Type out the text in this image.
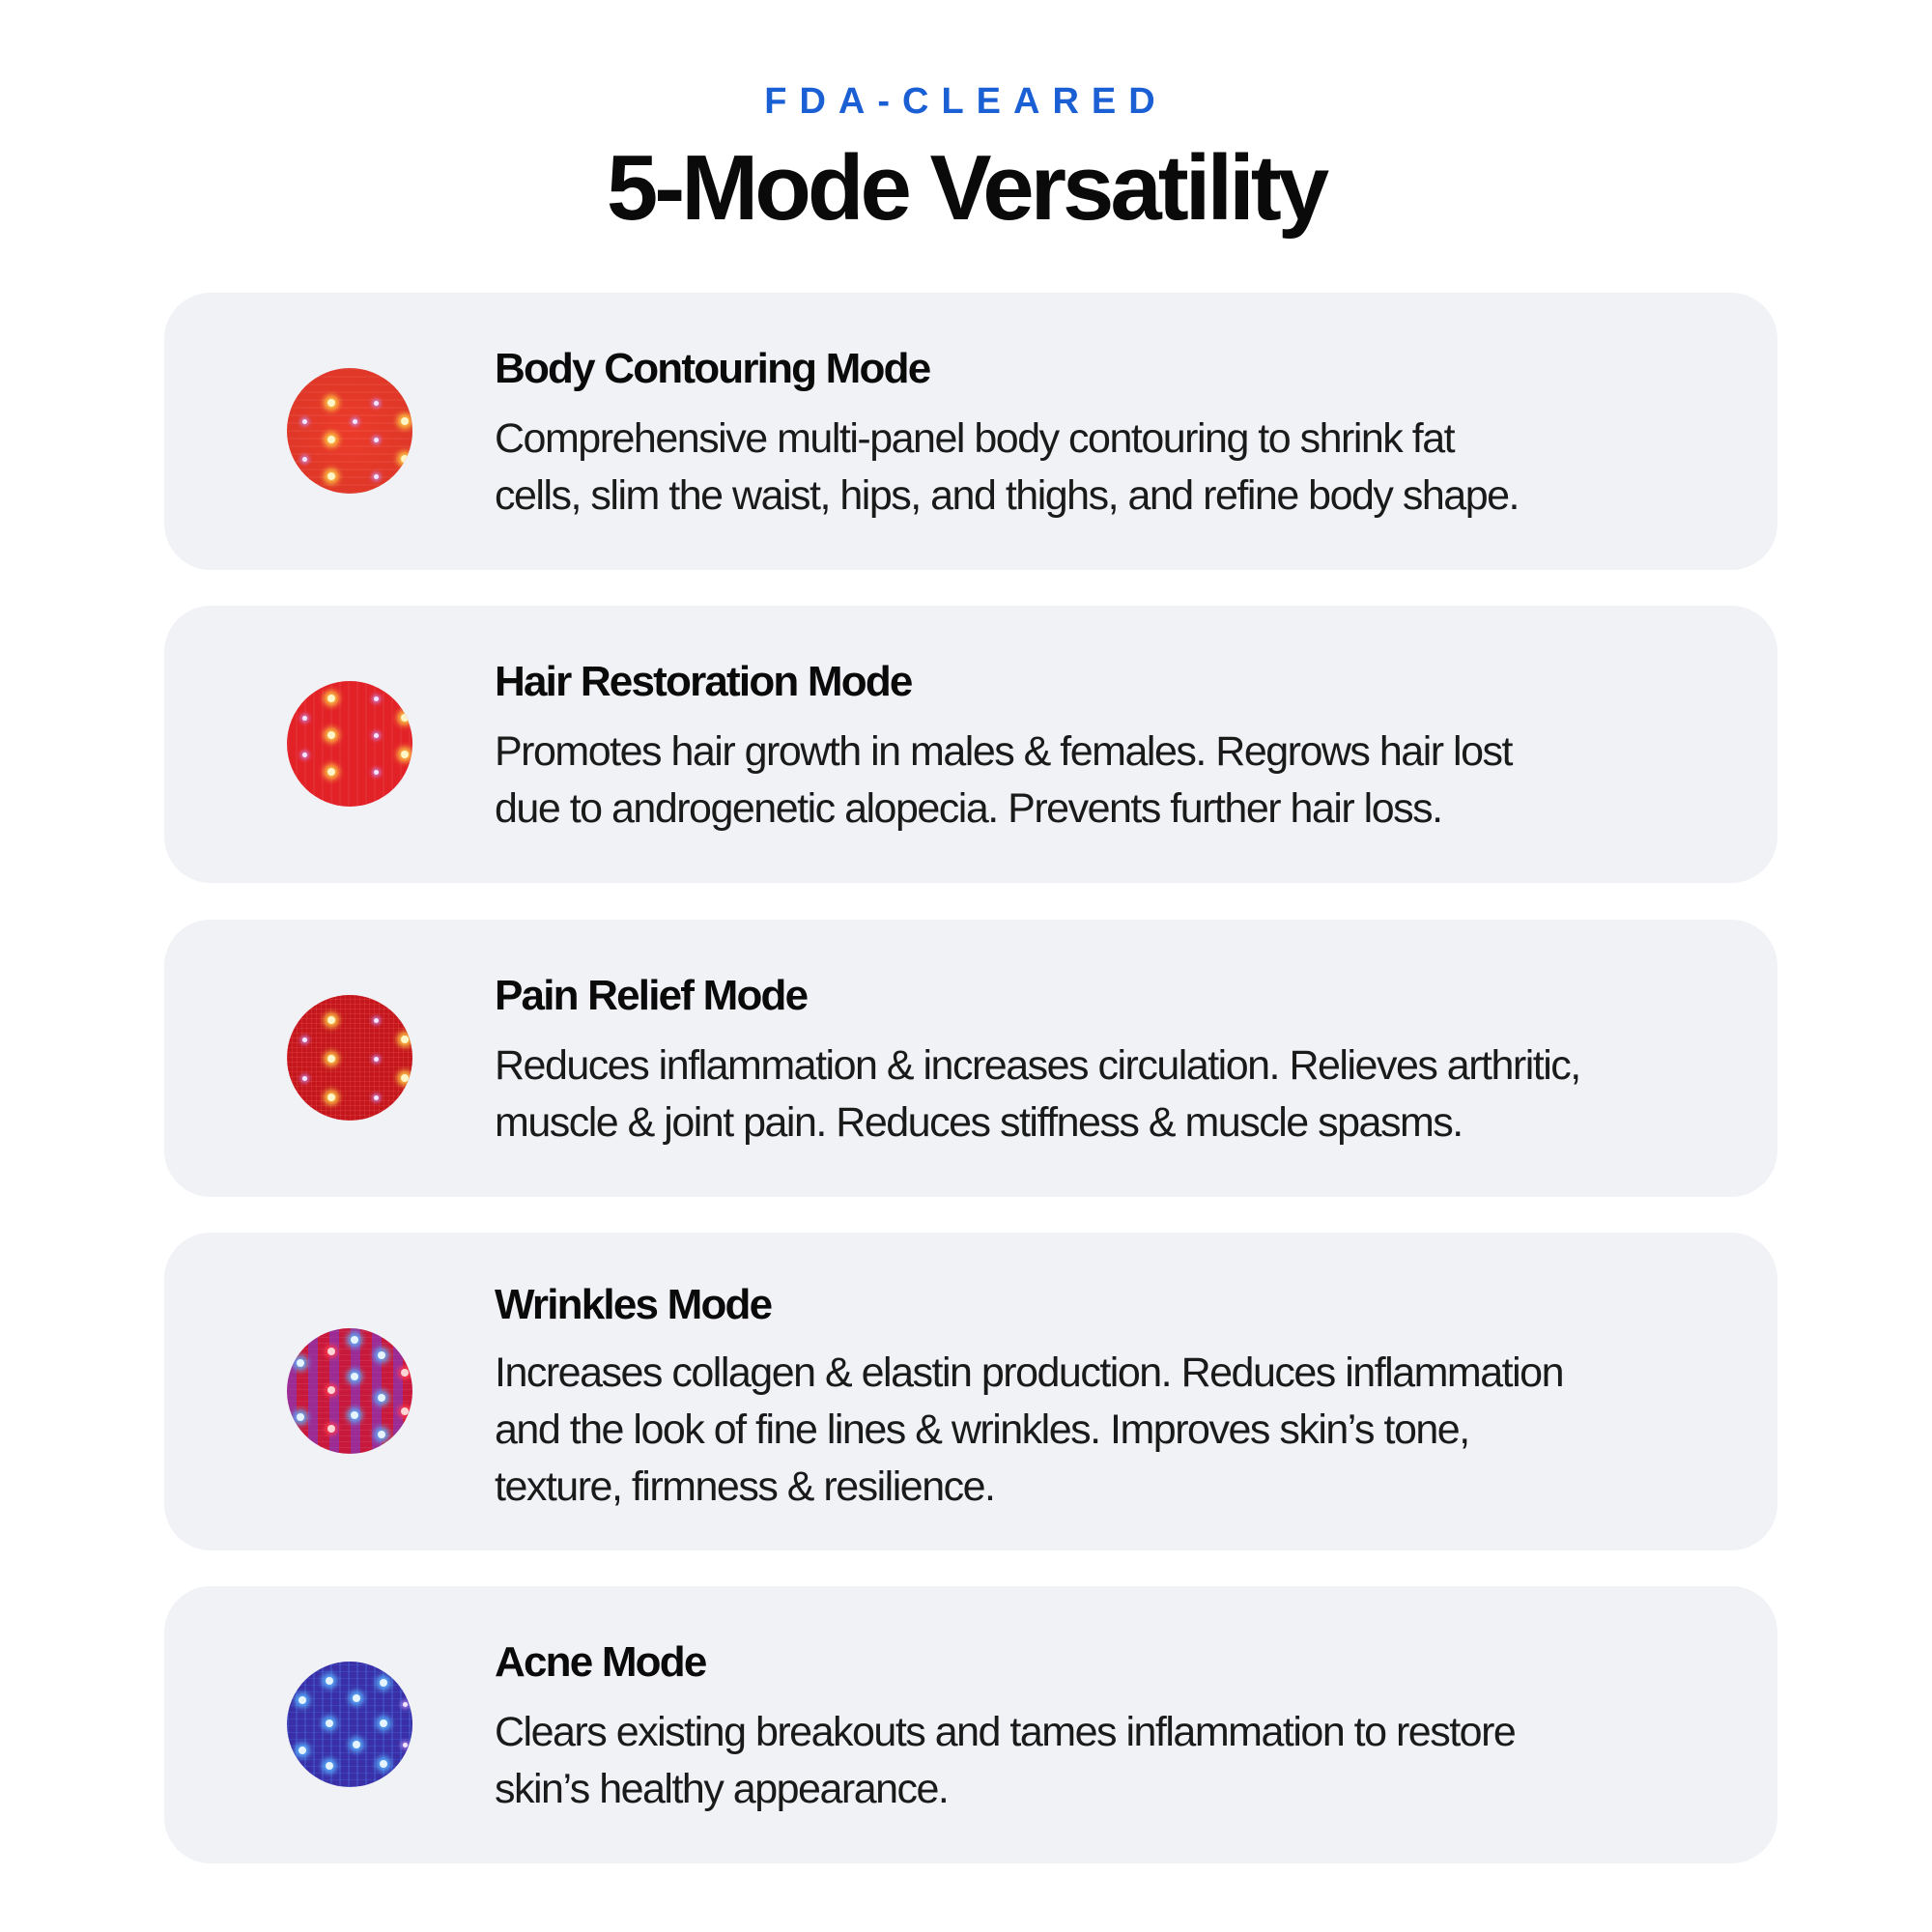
FDA-CLEARED
5-Mode Versatility
Body Contouring Mode
Comprehensive multi-panel body contouring to shrink fat
cells, slim the waist, hips, and thighs, and refine body shape.
Hair Restoration Mode
Promotes hair growth in males & females. Regrows hair lost
due to androgenetic alopecia. Prevents further hair loss.
Pain Relief Mode
Reduces inflammation & increases circulation. Relieves arthritic,
muscle & joint pain. Reduces stiffness & muscle spasms.
Wrinkles Mode
Increases collagen & elastin production. Reduces inflammation
and the look of fine lines & wrinkles. Improves skin’s tone,
texture, firmness & resilience.
Acne Mode
Clears existing breakouts and tames inflammation to restore
skin’s healthy appearance.
